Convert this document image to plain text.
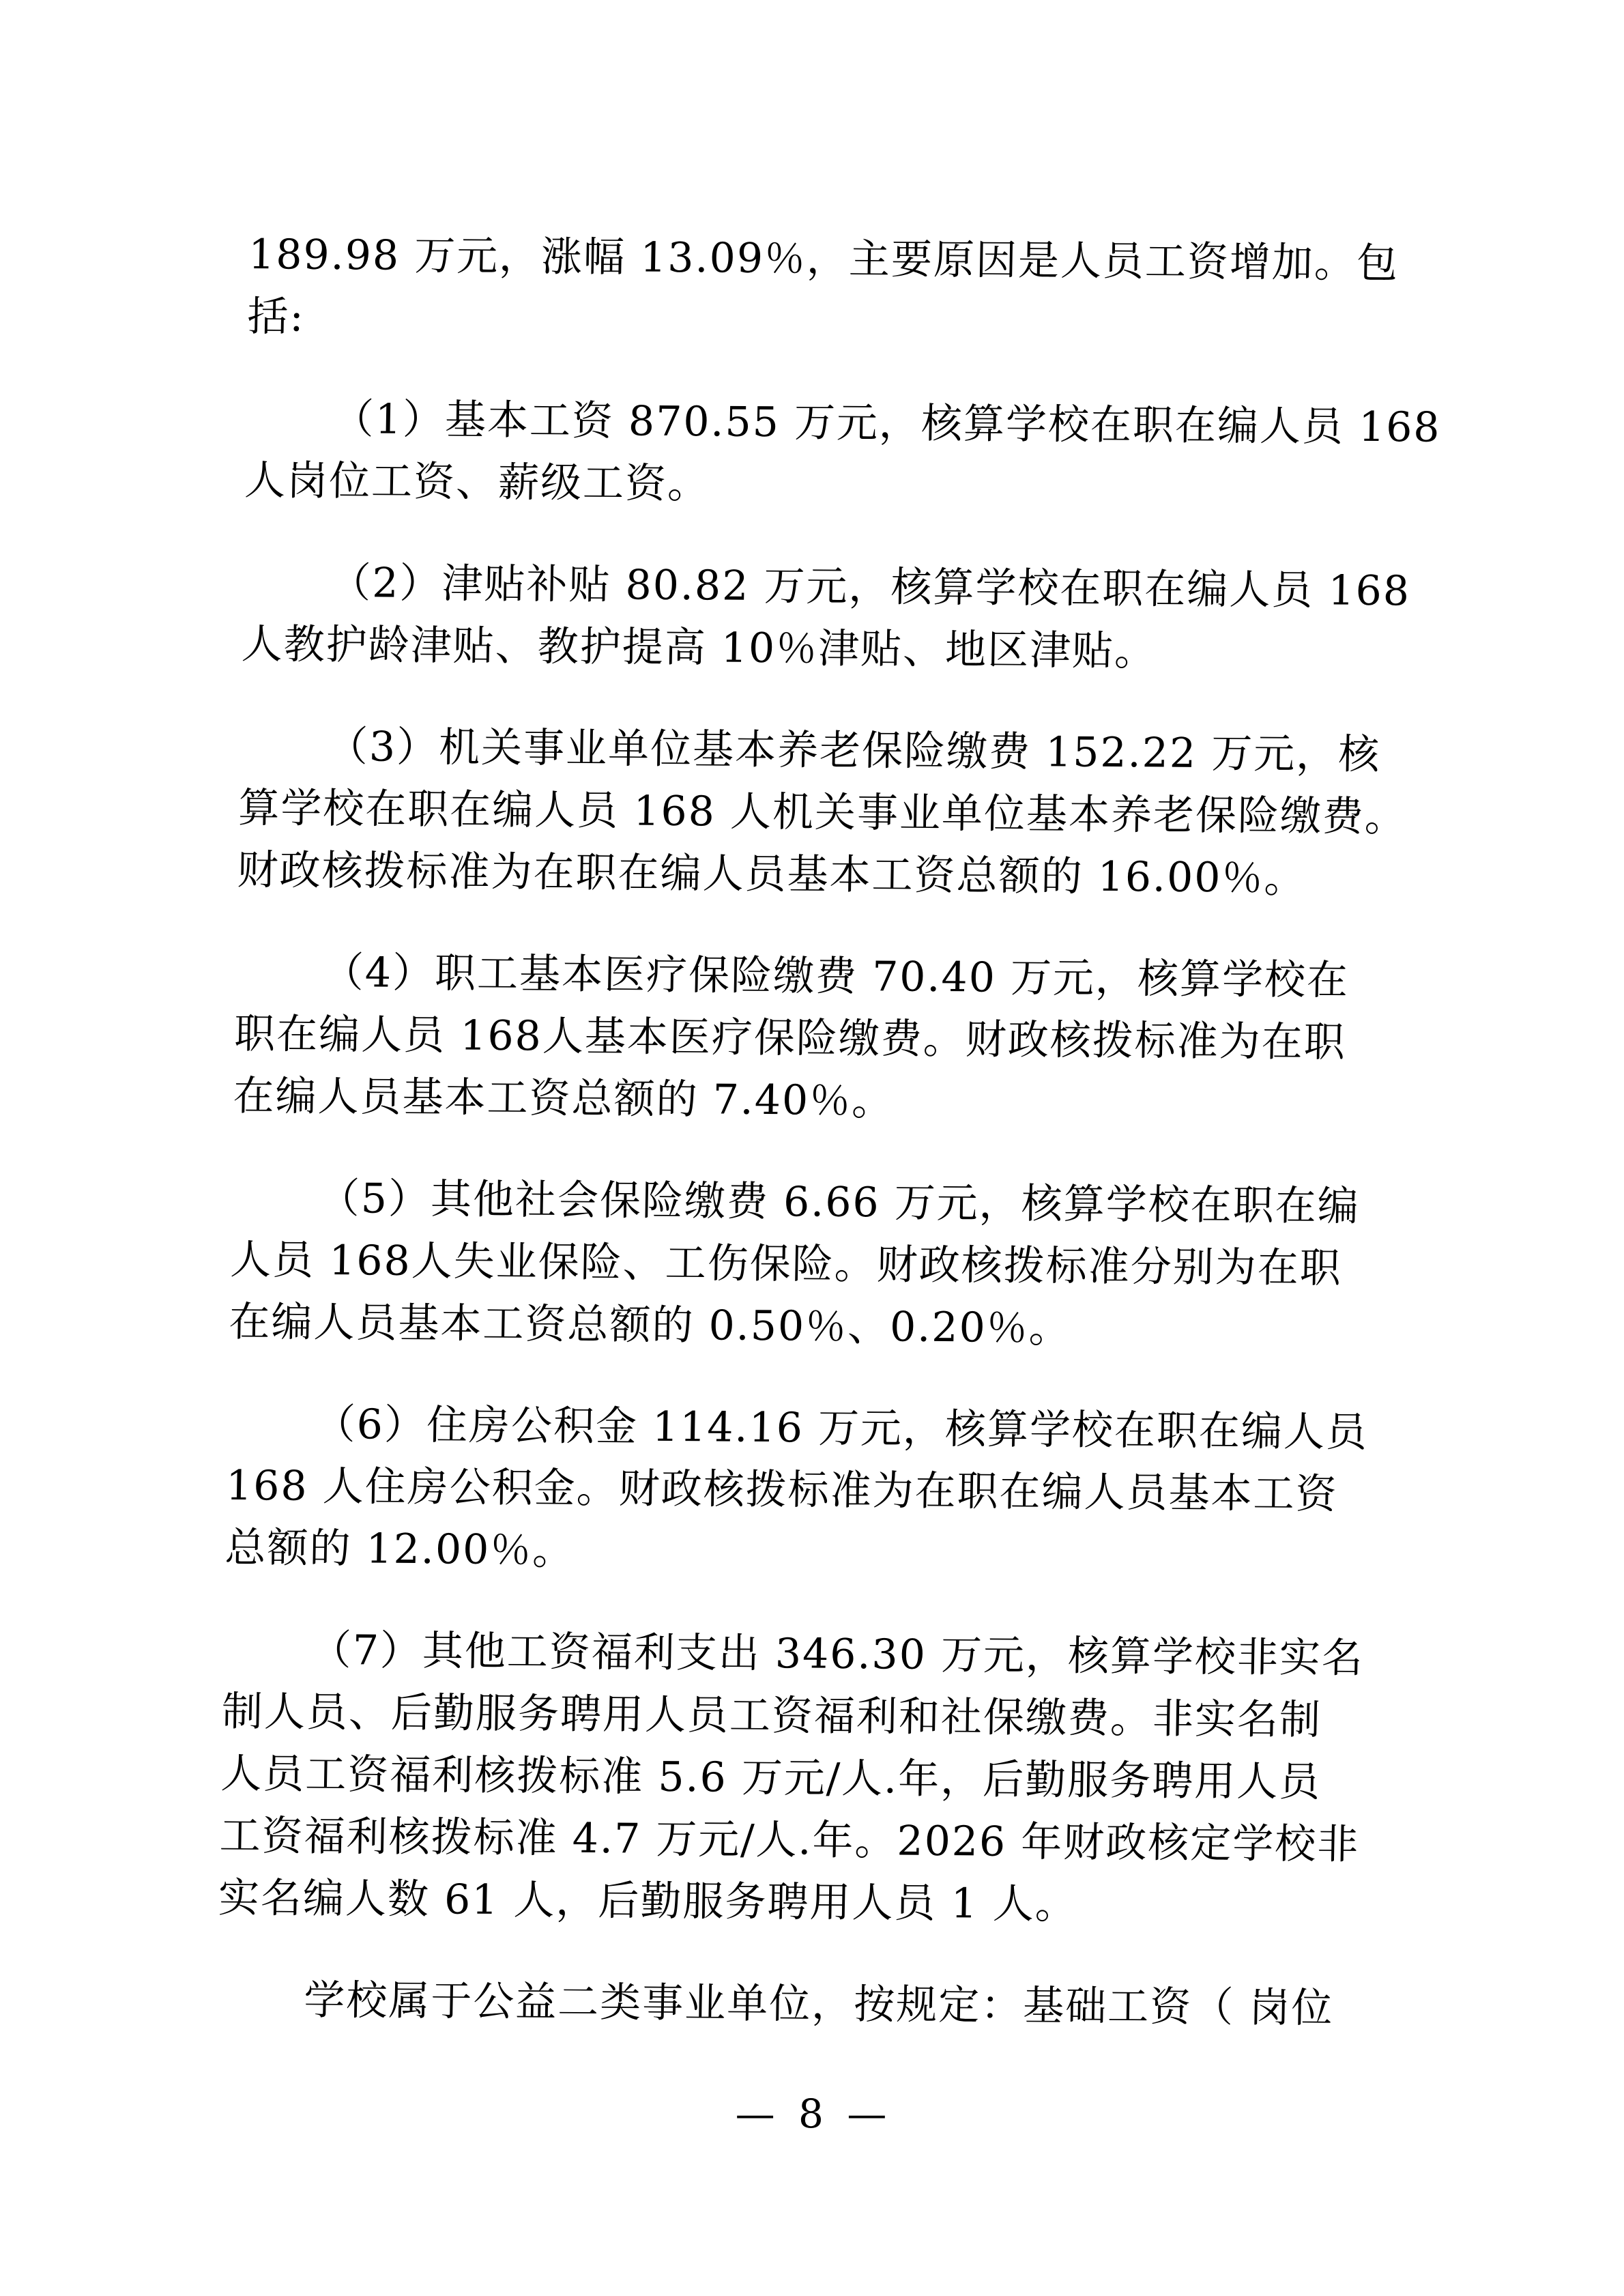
189.98 万元，涨幅 13.09％，主要原因是人员工资增加。包
括:
（1）基本工资 870.55 万元，核算学校在职在编人员 168
人岗位工资、薪级工资。
（2）津贴补贴 80.82 万元，核算学校在职在编人员 168
人教护龄津贴、教护提高 10％津贴、地区津贴。
（3）机关事业单位基本养老保险缴费 152.22 万元，核
算学校在职在编人员 168 人机关事业单位基本养老保险缴费。
财政核拨标准为在职在编人员基本工资总额的 16.00％。
（4）职工基本医疗保险缴费 70.40 万元，核算学校在
职在编人员 168人基本医疗保险缴费。财政核拨标准为在职
在编人员基本工资总额的 7.40％。
（5）其他社会保险缴费 6.66 万元，核算学校在职在编
人员 168人失业保险、工伤保险。财政核拨标准分别为在职
在编人员基本工资总额的 0.50％、0.20％。
（6）住房公积金 114.16 万元，核算学校在职在编人员
168 人住房公积金。财政核拨标准为在职在编人员基本工资
总额的 12.00％。
（7）其他工资福利支出 346.30 万元，核算学校非实名
制人员、后勤服务聘用人员工资福利和社保缴费。非实名制
人员工资福利核拨标准 5.6 万元/人.年，后勤服务聘用人员
工资福利核拨标准 4.7 万元/人.年。2026 年财政核定学校非
实名编人数 61 人，后勤服务聘用人员 1 人。
学校属于公益二类事业单位，按规定：基础工资（ 岗位
— 8 —
